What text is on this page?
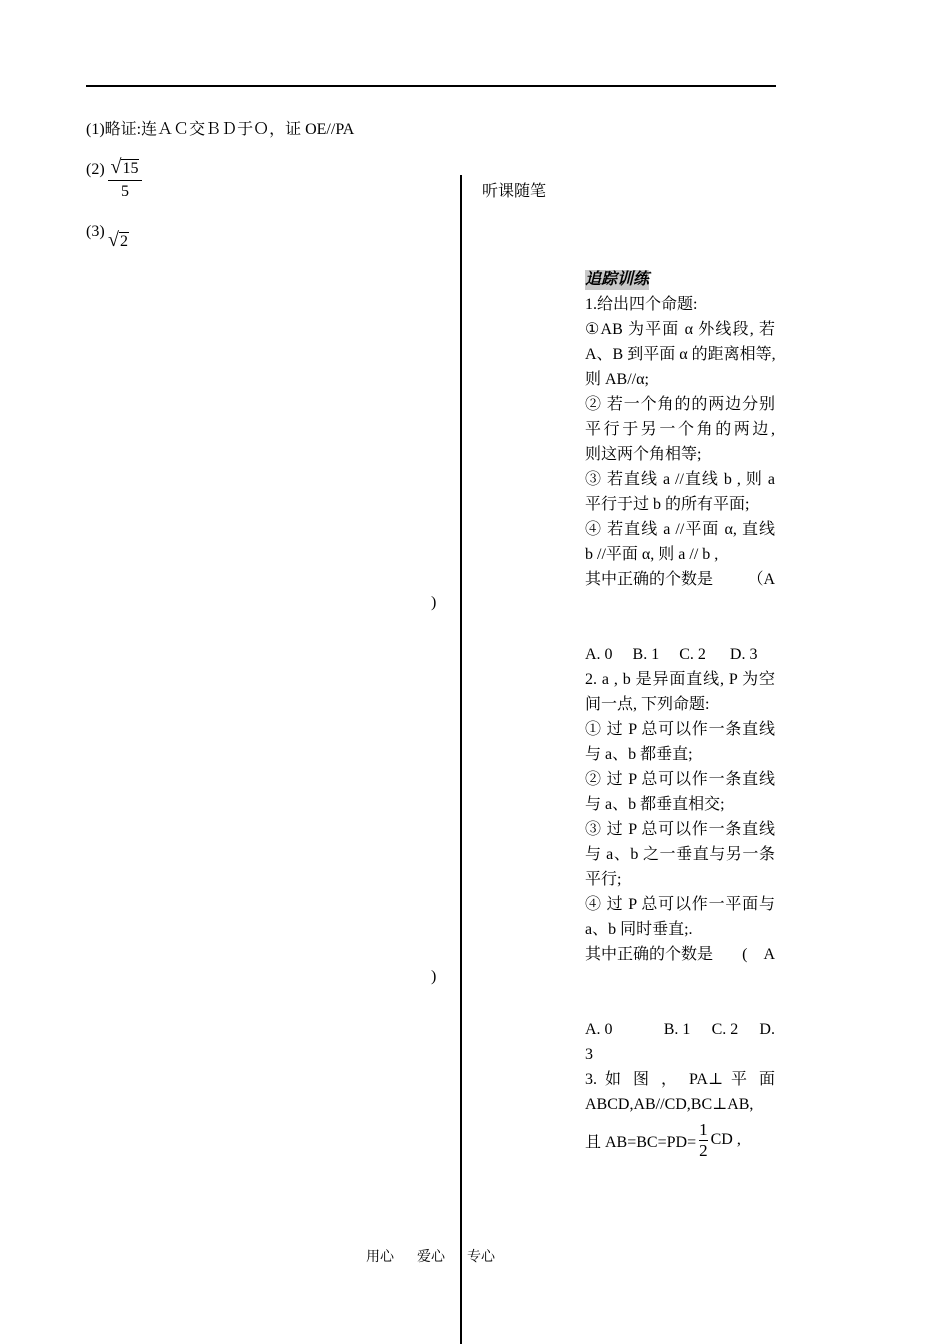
(1)略证:连ＡＣ交ＢＤ于Ｏ，证 OE//PA
(2) √15
5
(3) √2
)
)
听课随笔
追踪训练
1.给出四个命题:
①AB 为平面 α 外线段, 若
A、B 到平面 α 的距离相等,
则 AB//α;
② 若一个角的的两边分别
平行于另一个角的两边,
则这两个角相等;
③ 若直线 a //直线 b , 则 a
平行于过 b 的所有平面;
④ 若直线 a //平面 α, 直线
b //平面 α, 则 a // b ,
其中正确的个数是 （A
A. 0　 B. 1 　C. 2 　 D. 3
2. a , b 是异面直线, P 为空
间一点, 下列命题:
① 过 P 总可以作一条直线
与 a、b 都垂直;
② 过 P 总可以作一条直线
与 a、b 都垂直相交;
③ 过 P 总可以作一条直线
与 a、b 之一垂直与另一条
平行;
④ 过 P 总可以作一平面与
a、b 同时垂直;.
其中正确的个数是 (　A
A. 0	B. 1 C. 2 D.
3
3. 如 图 ， PA⊥ 平 面
ABCD,AB//CD,BC⊥AB,
且 AB=BC=PD=
1
2
CD ,
用心 爱心 专心
